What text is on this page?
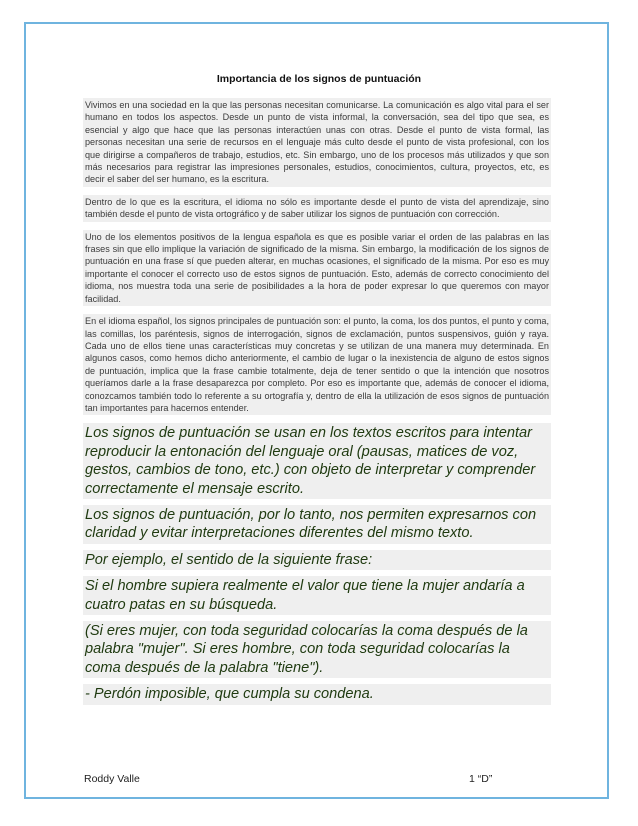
Importancia de los signos de puntuación

Vivimos en una sociedad en la que las personas necesitan comunicarse. La comunicación es algo vital para el ser humano en todos los aspectos. Desde un punto de vista informal, la conversación, sea del tipo que sea, es esencial y algo que hace que las personas interactúen unas con otras. Desde el punto de vista formal, las personas necesitan una serie de recursos en el lenguaje más culto desde el punto de vista profesional, con los que dirigirse a compañeros de trabajo, estudios, etc. Sin embargo, uno de los procesos más utilizados y que son más necesarios para registrar las impresiones personales, estudios, conocimientos, cultura, proyectos, etc, es decir el saber del ser humano, es la escritura.

Dentro de lo que es la escritura, el idioma no sólo es importante desde el punto de vista del aprendizaje, sino también desde el punto de vista ortográfico y de saber utilizar los signos de puntuación con corrección.

Uno de los elementos positivos de la lengua española es que es posible variar el orden de las palabras en las frases sin que ello implique la variación de significado de la misma. Sin embargo, la modificación de los signos de puntuación en una frase sí que pueden alterar, en muchas ocasiones, el significado de la misma. Por eso es muy importante el conocer el correcto uso de estos signos de puntuación. Esto, además de correcto conocimiento del idioma, nos muestra toda una serie de posibilidades a la hora de poder expresar lo que queremos con mayor facilidad.

En el idioma español, los signos principales de puntuación son: el punto, la coma, los dos puntos, el punto y coma, las comillas, los paréntesis, signos de interrogación, signos de exclamación, puntos suspensivos, guión y raya. Cada uno de ellos tiene unas características muy concretas y se utilizan de una manera muy determinada. En algunos casos, como hemos dicho anteriormente, el cambio de lugar o la inexistencia de alguno de estos signos de puntuación, implica que la frase cambie totalmente, deja de tener sentido o que la intención que nosotros queríamos darle a la frase desaparezca por completo. Por eso es importante que, además de conocer el idioma, conozcamos también todo lo referente a su ortografía y, dentro de ella la utilización de esos signos de puntuación tan importantes para hacernos entender.

Los signos de puntuación se usan en los textos escritos para intentar reproducir la entonación del lenguaje oral (pausas, matices de voz, gestos, cambios de tono, etc.) con objeto de interpretar y comprender correctamente el mensaje escrito.

Los signos de puntuación, por lo tanto, nos permiten expresarnos con claridad y evitar interpretaciones diferentes del mismo texto.

Por ejemplo, el sentido de la siguiente frase:

Si el hombre supiera realmente el valor que tiene la mujer andaría a cuatro patas en su búsqueda.

(Si eres mujer, con toda seguridad colocarías la coma después de la palabra "mujer". Si eres hombre, con toda seguridad colocarías la coma después de la palabra "tiene").

- Perdón imposible, que cumpla su condena.

Roddy Valle	1 “D”
